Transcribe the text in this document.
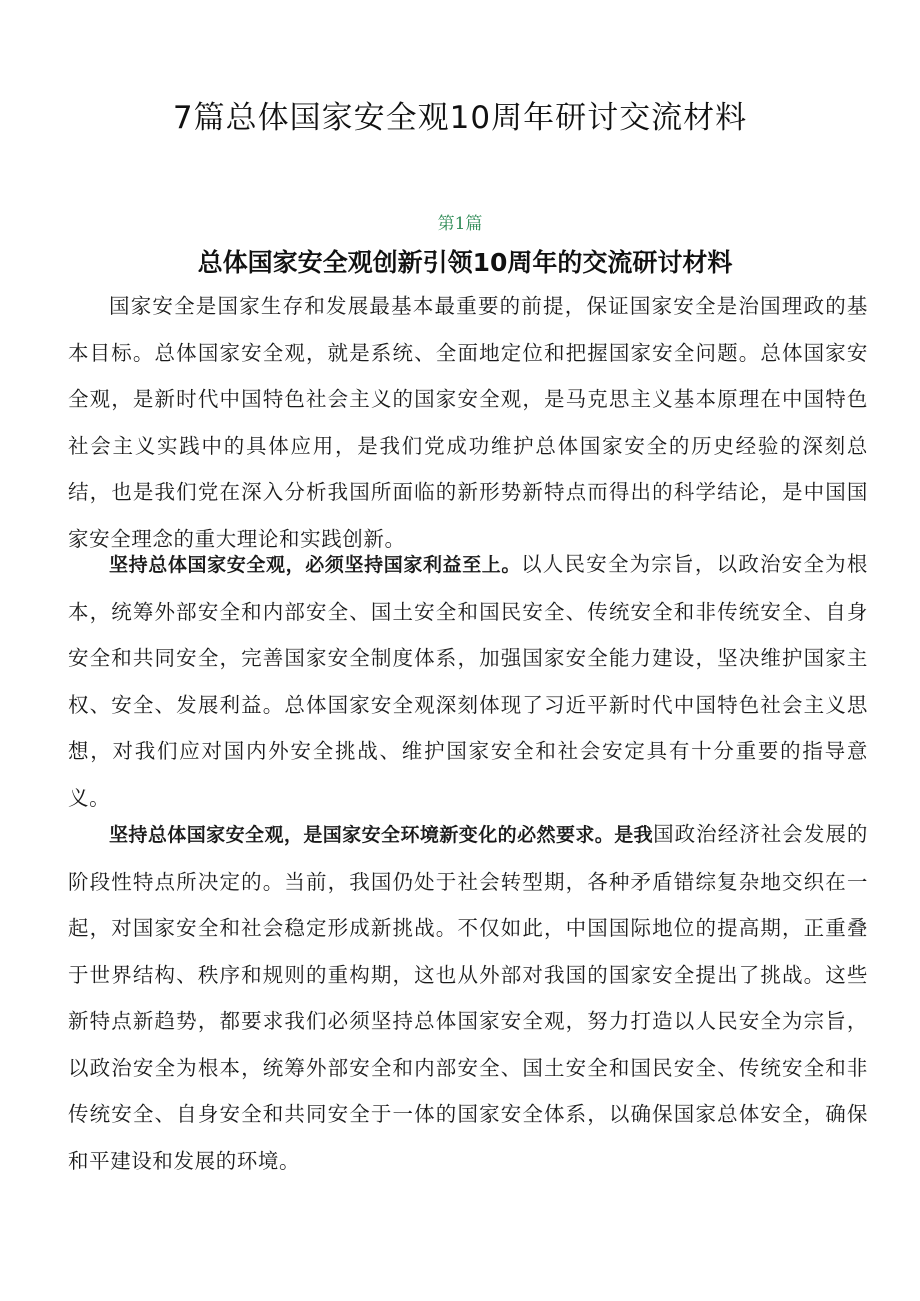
7篇总体国家安全观10周年研讨交流材料
第1篇
总体国家安全观创新引领10周年的交流研讨材料

国家安全是国家生存和发展最基本最重要的前提，保证国家安全是治国理政的基本目标。总体国家安全观，就是系统、全面地定位和把握国家安全问题。总体国家安全观，是新时代中国特色社会主义的国家安全观，是马克思主义基本原理在中国特色社会主义实践中的具体应用，是我们党成功维护总体国家安全的历史经验的深刻总结，也是我们党在深入分析我国所面临的新形势新特点而得出的科学结论，是中国国家安全理念的重大理论和实践创新。

坚持总体国家安全观，必须坚持国家利益至上。以人民安全为宗旨，以政治安全为根本，统筹外部安全和内部安全、国土安全和国民安全、传统安全和非传统安全、自身安全和共同安全，完善国家安全制度体系，加强国家安全能力建设，坚决维护国家主权、安全、发展利益。总体国家安全观深刻体现了习近平新时代中国特色社会主义思想，对我们应对国内外安全挑战、维护国家安全和社会安定具有十分重要的指导意义。

坚持总体国家安全观，是国家安全环境新变化的必然要求。是我国政治经济社会发展的阶段性特点所决定的。当前，我国仍处于社会转型期，各种矛盾错综复杂地交织在一起，对国家安全和社会稳定形成新挑战。不仅如此，中国国际地位的提高期，正重叠于世界结构、秩序和规则的重构期，这也从外部对我国的国家安全提出了挑战。这些新特点新趋势，都要求我们必须坚持总体国家安全观，努力打造以人民安全为宗旨，以政治安全为根本，统筹外部安全和内部安全、国土安全和国民安全、传统安全和非传统安全、自身安全和共同安全于一体的国家安全体系，以确保国家总体安全，确保和平建设和发展的环境。
